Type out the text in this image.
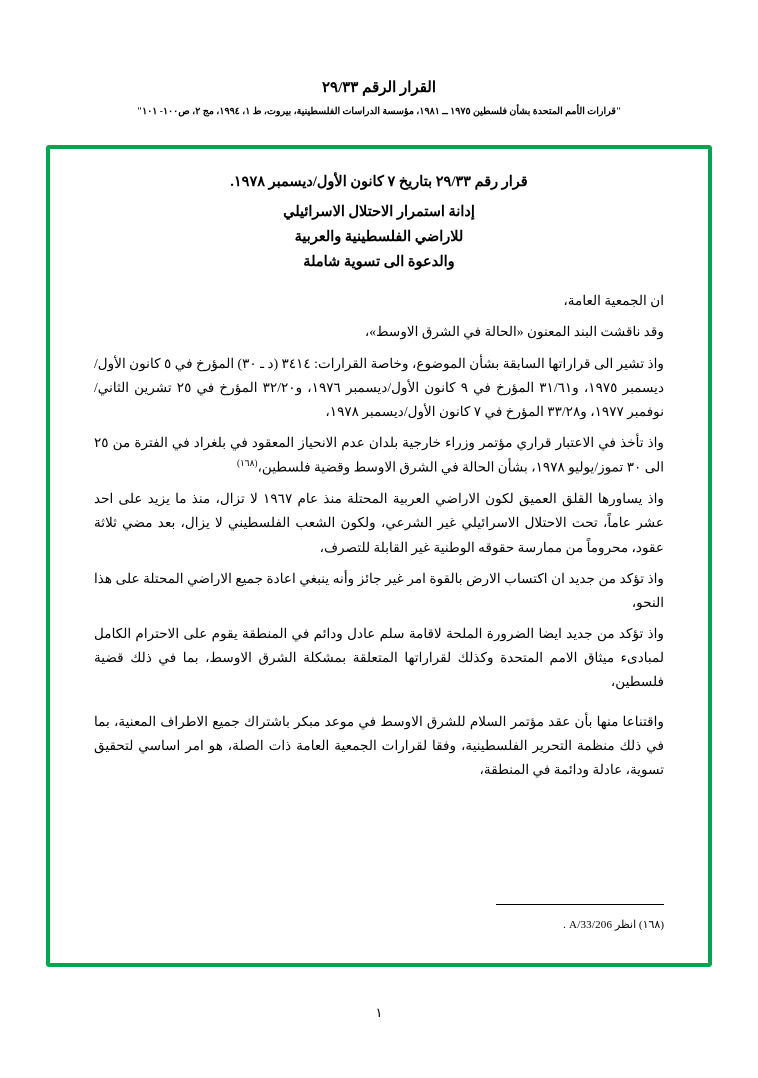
القرار الرقم ٢٩/٣٣
"قرارات الأمم المتحدة بشأن فلسطين ١٩٧٥ ــ ١٩٨١، مؤسسة الدراسات الفلسطينية، بيروت، ط ١، ١٩٩٤، مج ٢، ص١٠٠- ١٠١"
قرار رقم ٢٩/٣٣ بتاريخ ٧ كانون الأول/ديسمبر ١٩٧٨.
إدانة استمرار الاحتلال الاسرائيلي
للاراضي الفلسطينية والعربية
والدعوة الى تسوية شاملة
ان الجمعية العامة،
وقد ناقشت البند المعنون «الحالة في الشرق الاوسط»،
واذ تشير الى قراراتها السابقة بشأن الموضوع، وخاصة القرارات: ٣٤١٤ (د ـ ٣٠) المؤرخ في ٥ كانون الأول/ديسمبر ١٩٧٥، و٣١/٦١ المؤرخ في ٩ كانون الأول/ديسمبر ١٩٧٦، و٣٢/٢٠ المؤرخ في ٢٥ تشرين الثاني/نوفمبر ١٩٧٧، و٣٣/٢٨ المؤرخ في ٧ كانون الأول/ديسمبر ١٩٧٨،
واذ تأخذ في الاعتبار قراري مؤتمر وزراء خارجية بلدان عدم الانحياز المعقود في بلغراد في الفترة من ٢٥ الى ٣٠ تموز/يوليو ١٩٧٨، بشأن الحالة في الشرق الاوسط وقضية فلسطين،$^{(١٦٨)}$
واذ يساورها القلق العميق لكون الاراضي العربية المحتلة منذ عام ١٩٦٧ لا تزال، منذ ما يزيد على احد عشر عاماً، تحت الاحتلال الاسرائيلي غير الشرعي، ولكون الشعب الفلسطيني لا يزال، بعد مضي ثلاثة عقود، محروماً من ممارسة حقوقه الوطنية غير القابلة للتصرف،
واذ تؤكد من جديد ان اكتساب الارض بالقوة امر غير جائز وأنه ينبغي اعادة جميع الاراضي المحتلة على هذا النحو،
واذ تؤكد من جديد ايضا الضرورة الملحة لاقامة سلم عادل ودائم في المنطقة يقوم على الاحترام الكامل لمبادىء ميثاق الامم المتحدة وكذلك لقراراتها المتعلقة بمشكلة الشرق الاوسط، بما في ذلك قضية فلسطين،
واقتناعا منها بأن عقد مؤتمر السلام للشرق الاوسط في موعد مبكر باشتراك جميع الاطراف المعنية، بما في ذلك منظمة التحرير الفلسطينية، وفقا لقرارات الجمعية العامة ذات الصلة، هو امر اساسي لتحقيق تسوية، عادلة ودائمة في المنطقة،
(١٦٨) انظر A/33/206 .
١
